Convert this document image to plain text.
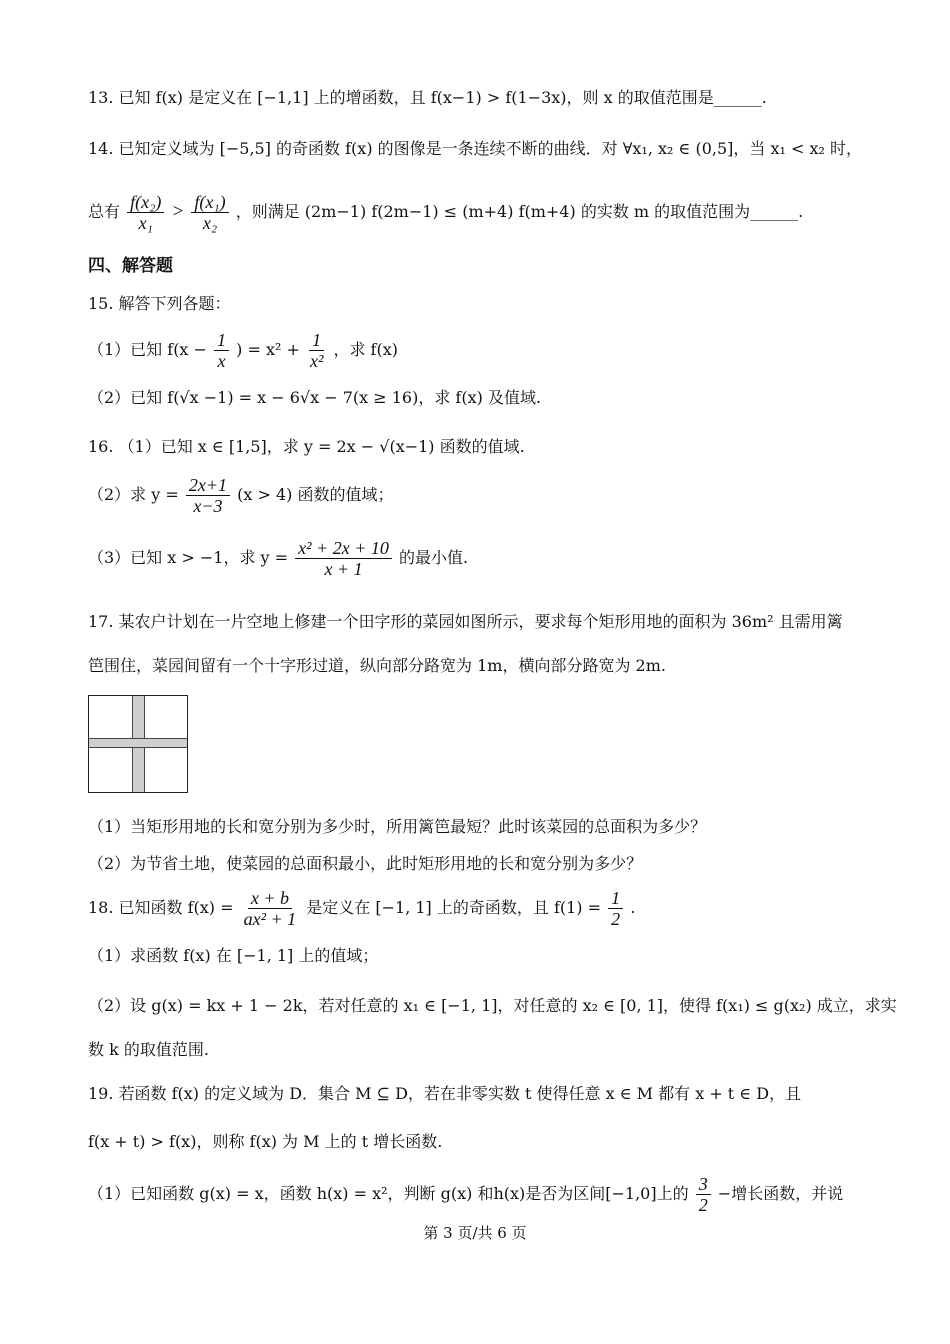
13. 已知 f(x) 是定义在 [−1,1] 上的增函数，且 f(x−1) > f(1−3x)，则 x 的取值范围是______.
14. 已知定义域为 [−5,5] 的奇函数 f(x) 的图像是一条连续不断的曲线．对 ∀x₁, x₂ ∈ (0,5]，当 x₁ < x₂ 时，
总有 $\frac{\text{f(x₂)}}{\text{x₁}} > \frac{\text{f(x₁)}}{\text{x₂}}$ ，则满足 (2m−1) f(2m−1) ≤ (m+4) f(m+4) 的实数 m 的取值范围为______.
四、解答题
15. 解答下列各题：
（1）已知 $f(x - \frac{1}{x}$ ) = $x^2 + \frac{1}{\text{x²}}$ ，求 f(x)
（2）已知 f(√x −1) = x − 6√x − 7(x ≥ 16)，求 f(x) 及值域.
16. （1）已知 x ∈ [1,5]，求 y = 2x − √(x−1) 函数的值域.
（2）求 $y = \frac{2x+1}{x-3} (x > 4)$ 函数的值域；
（3）已知 x > −1，求 $y = \frac{\text{x² + 2x + 10}}{x + 1}$ 的最小值.
17. 某农户计划在一片空地上修建一个田字形的菜园如图所示，要求每个矩形用地的面积为 36m² 且需用篱
笆围住，菜园间留有一个十字形过道，纵向部分路宽为 1m，横向部分路宽为 2m.
（1）当矩形用地的长和宽分别为多少时，所用篱笆最短？此时该菜园的总面积为多少？
（2）为节省土地，使菜园的总面积最小，此时矩形用地的长和宽分别为多少？
18. 已知函数 $f(x) = \frac{x + b}{\text{ax² + 1}}$ 是定义在 [−1, 1] 上的奇函数，且 $f(1) = \frac{1}{2}$ .
（1）求函数 f(x) 在 [−1, 1] 上的值域；
（2）设 g(x) = kx + 1 − 2k，若对任意的 x₁ ∈ [−1, 1]，对任意的 x₂ ∈ [0, 1]，使得 f(x₁) ≤ g(x₂) 成立，求实
数 k 的取值范围.
19. 若函数 f(x) 的定义域为 D．集合 M ⊆ D，若在非零实数 t 使得任意 x ∈ M 都有 x + t ∈ D，且
f(x + t) > f(x)，则称 f(x) 为 M 上的 t 增长函数.
（1）已知函数 g(x) = x，函数 h(x) = x²，判断 g(x) 和h(x)是否为区间[−1,0]上的 $\frac{3}{2}$ −增长函数，并说
第 3 页/共 6 页
